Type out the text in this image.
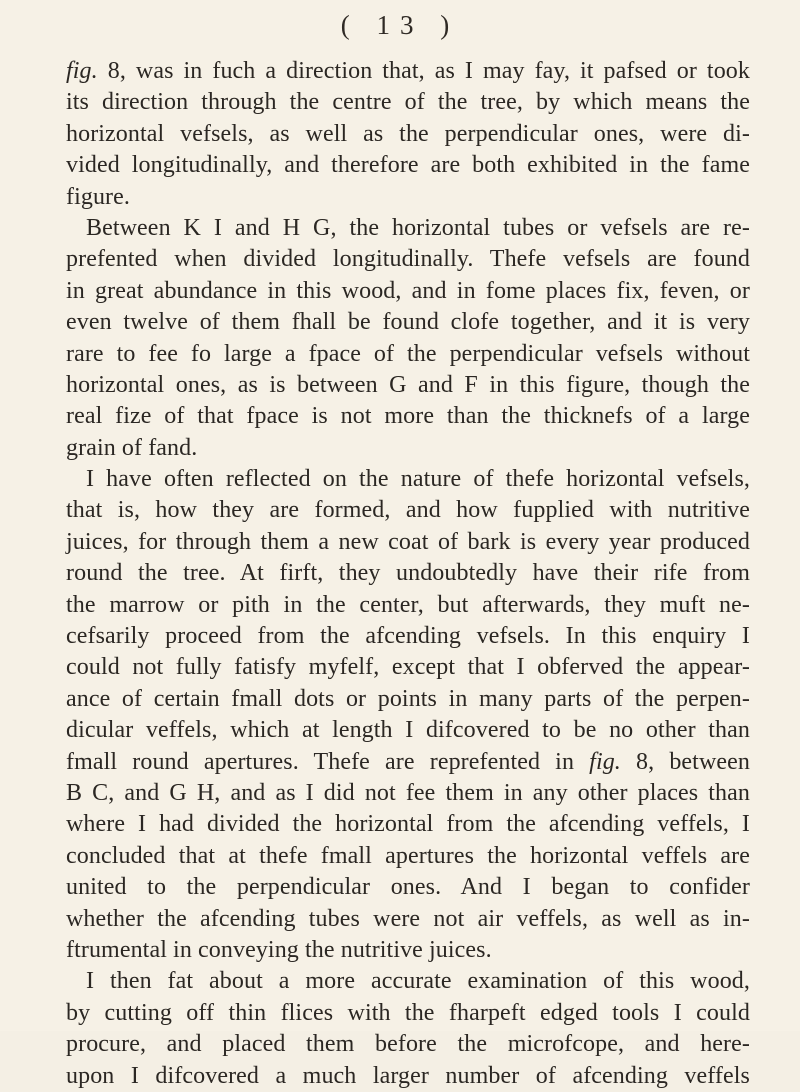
( 13 )
fig. 8, was in fuch a direction that, as I may fay, it pafsed or took
its direction through the centre of the tree, by which means the
horizontal vefsels, as well as the perpendicular ones, were di-
vided longitudinally, and therefore are both exhibited in the fame
figure.
Between K I and H G, the horizontal tubes or vefsels are re-
prefented when divided longitudinally. Thefe vefsels are found
in great abundance in this wood, and in fome places fix, feven, or
even twelve of them fhall be found clofe together, and it is very
rare to fee fo large a fpace of the perpendicular vefsels without
horizontal ones, as is between G and F in this figure, though the
real fize of that fpace is not more than the thicknefs of a large
grain of fand.
I have often reflected on the nature of thefe horizontal vefsels,
that is, how they are formed, and how fupplied with nutritive
juices, for through them a new coat of bark is every year produced
round the tree. At firft, they undoubtedly have their rife from
the marrow or pith in the center, but afterwards, they muft ne-
cefsarily proceed from the afcending vefsels. In this enquiry I
could not fully fatisfy myfelf, except that I obferved the appear-
ance of certain fmall dots or points in many parts of the perpen-
dicular veffels, which at length I difcovered to be no other than
fmall round apertures. Thefe are reprefented in fig. 8, between
B C, and G H, and as I did not fee them in any other places than
where I had divided the horizontal from the afcending veffels, I
concluded that at thefe fmall apertures the horizontal veffels are
united to the perpendicular ones. And I began to confider
whether the afcending tubes were not air veffels, as well as in-
ftrumental in conveying the nutritive juices.
I then fat about a more accurate examination of this wood,
by cutting off thin flices with the fharpeft edged tools I could
procure, and placed them before the microfcope, and here-
upon I difcovered a much larger number of afcending veffels
